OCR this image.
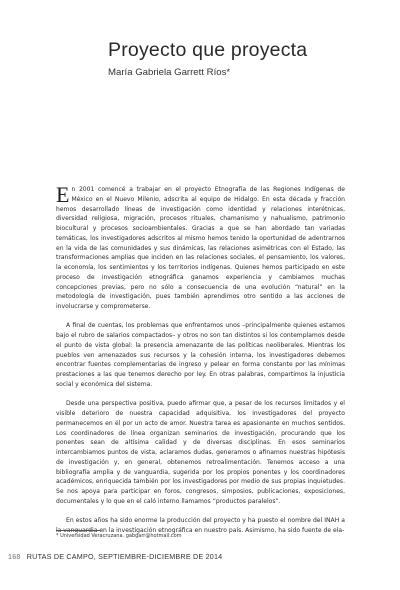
Proyecto que proyecta

María Gabriela Garrett Ríos*

En 2001 comencé a trabajar en el proyecto Etnografía de las Regiones Indígenas de México en el Nuevo Milenio, adscrita al equipo de Hidalgo. En esta década y fracción hemos desarrollado líneas de investigación como identidad y relaciones interétnicas, diversidad religiosa, migración, procesos rituales, chamanismo y nahualismo, patrimonio biocultural y procesos socioambientales. Gracias a que se han abordado tan variadas temáticas, los investigadores adscritos al mismo hemos tenido la oportunidad de adentrarnos en la vida de las comunidades y sus dinámicas, las relaciones asimétricas con el Estado, las transformaciones amplias que inciden en las relaciones sociales, el pensamiento, los valores, la economía, los sentimientos y los territorios indígenas. Quienes hemos participado en este proceso de investigación etnográfica ganamos experiencia y cambiamos muchas concepciones previas, pero no sólo a consecuencia de una evolución “natural” en la metodología de investigación, pues también aprendimos otro sentido a las acciones de involucrarse y comprometerse.

A final de cuentas, los problemas que enfrentamos unos –principalmente quienes estamos bajo el rubro de salarios compactados– y otros no son tan distintos si los contemplamos desde el punto de vista global: la presencia amenazante de las políticas neoliberales. Mientras los pueblos ven amenazados sus recursos y la cohesión interna, los investigadores debemos encontrar fuentes complementarias de ingreso y pelear en forma constante por las mínimas prestaciones a las que tenemos derecho por ley. En otras palabras, compartimos la injusticia social y económica del sistema.

Desde una perspectiva positiva, puedo afirmar que, a pesar de los recursos limitados y el visible deterioro de nuestra capacidad adquisitiva, los investigadores del proyecto permanecemos en él por un acto de amor. Nuestra tarea es apasionante en muchos sentidos. Los coordinadores de línea organizan seminarios de investigación, procurando que los ponentes sean de altísima calidad y de diversas disciplinas. En esos seminarios intercambiamos puntos de vista, aclaramos dudas, generamos o afinamos nuestras hipótesis de investigación y, en general, obtenemos retroalimentación. Tenemos acceso a una bibliografía amplia y de vanguardia, sugerida por los propios ponentes y los coordinadores académicos, enriquecida también por los investigadores por medio de sus propias inquietudes. Se nos apoya para participar en foros, congresos, simposios, publicaciones, exposiciones, documentales y lo que en el caló interno llamamos “productos paralelos”.

En estos años ha sido enorme la producción del proyecto y ha puesto el nombre del INAH a la vanguardia en la investigación etnográfica en nuestro país. Asimismo, ha sido fuente de ela-

* Universidad Veracruzana. gabgarr@hotmail.com
168 RUTAS DE CAMPO, SEPTIEMBRE-DICIEMBRE DE 2014
